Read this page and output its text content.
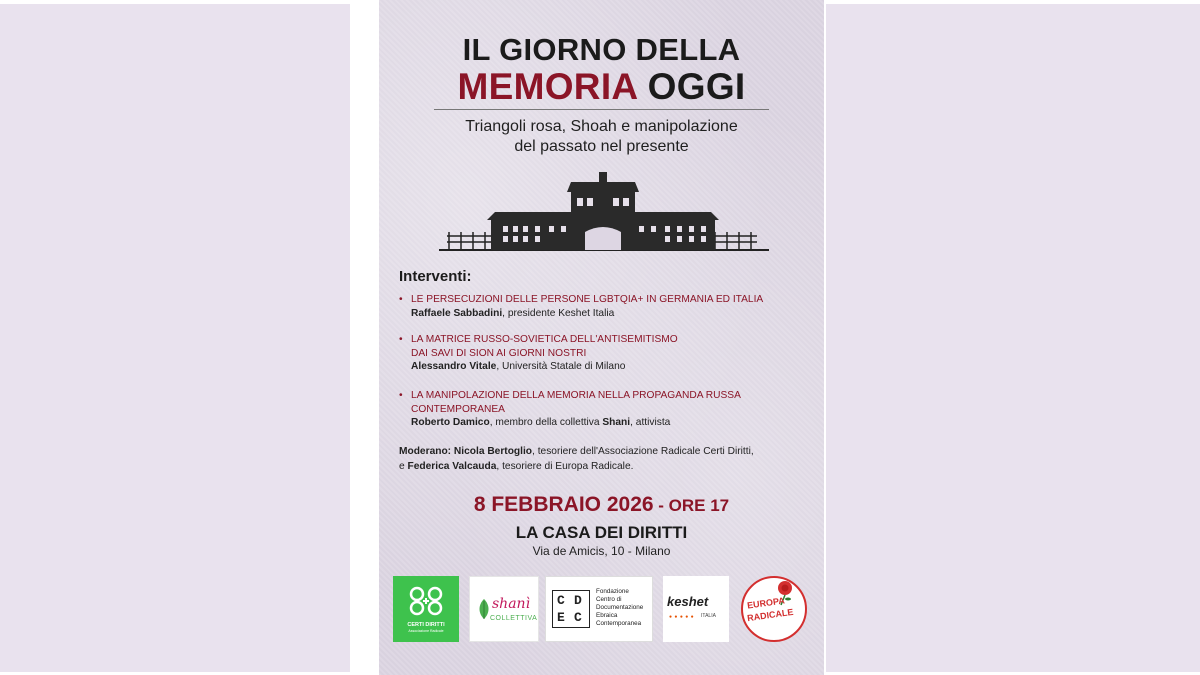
IL GIORNO DELLA
MEMORIA OGGI
Triangoli rosa, Shoah e manipolazione
del passato nel presente
Interventi:
• LE PERSECUZIONI DELLE PERSONE LGBTQIA+ IN GERMANIA ED ITALIA
Raffaele Sabbadini, presidente Keshet Italia
• LA MATRICE RUSSO-SOVIETICA DELL'ANTISEMITISMO
DAI SAVI DI SION AI GIORNI NOSTRI
Alessandro Vitale, Università Statale di Milano
• LA MANIPOLAZIONE DELLA MEMORIA NELLA PROPAGANDA RUSSA
CONTEMPORANEA
Roberto Damico, membro della collettiva Shani, attivista
Moderano: Nicola Bertoglio, tesoriere dell'Associazione Radicale Certi Diritti,
e Federica Valcauda, tesoriere di Europa Radicale.
8 FEBBRAIO 2026 - ORE 17
LA CASA DEI DIRITTI
Via de Amicis, 10 - Milano
CERTI DIRITTI
Associazione Radicale
shanì
COLLETTIVA
C D
E C
Fondazione
Centro di
Documentazione
Ebraica
Contemporanea
keshet
● ● ● ● ● ITALIA
EUROPA
RADICALE
